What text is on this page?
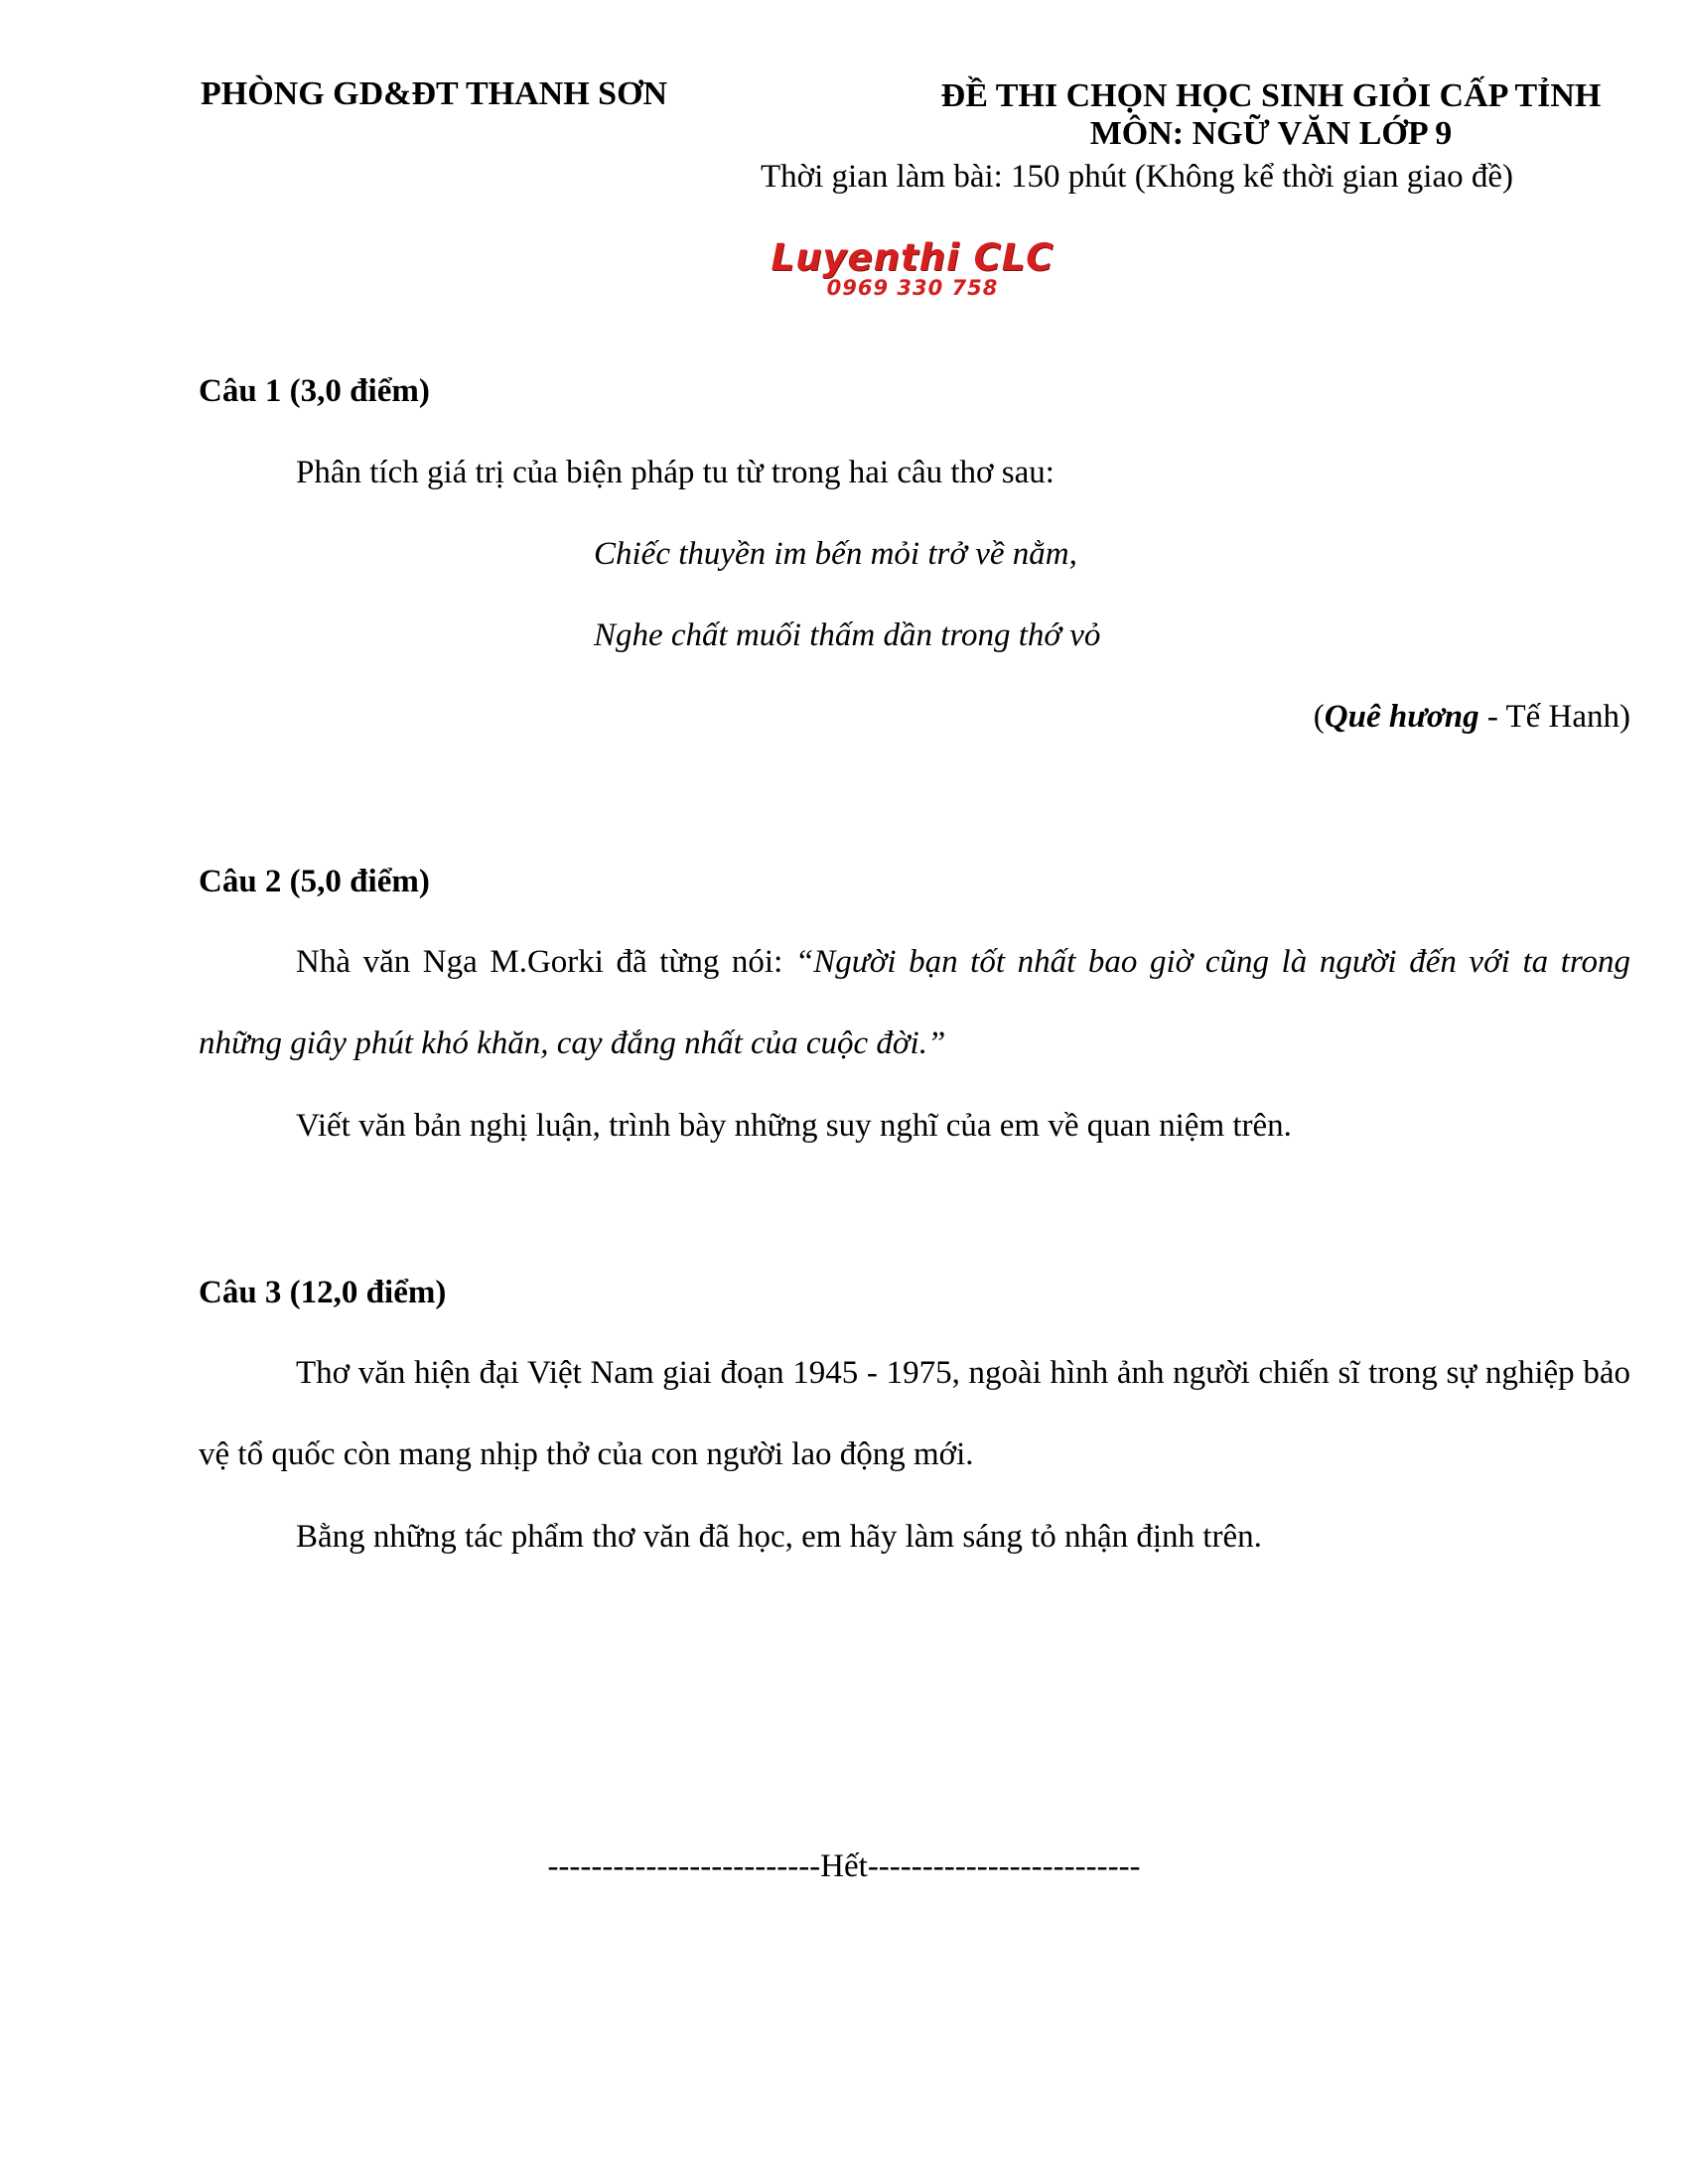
PHÒNG GD&ĐT THANH SƠN	ĐỀ THI CHỌN HỌC SINH GIỎI CẤP TỈNH
MÔN: NGỮ VĂN LỚP 9
Thời gian làm bài: 150 phút (Không kể thời gian giao đề)
Luyenthi CLC
0969 330 758
Câu 1 (3,0 điểm)
Phân tích giá trị của biện pháp tu từ trong hai câu thơ sau:
Chiếc thuyền im bến mỏi trở về nằm,
Nghe chất muối thấm dần trong thớ vỏ
(Quê hương - Tế Hanh)
Câu 2 (5,0 điểm)
Nhà văn Nga M.Gorki đã từng nói: “Người bạn tốt nhất bao giờ cũng là người đến với ta trong những giây phút khó khăn, cay đắng nhất của cuộc đời.”
Viết văn bản nghị luận, trình bày những suy nghĩ của em về quan niệm trên.
Câu 3 (12,0 điểm)
Thơ văn hiện đại Việt Nam giai đoạn 1945 - 1975, ngoài hình ảnh người chiến sĩ trong sự nghiệp bảo vệ tổ quốc còn mang nhịp thở của con người lao động mới.
Bằng những tác phẩm thơ văn đã học, em hãy làm sáng tỏ nhận định trên.
-------------------------Hết-------------------------
